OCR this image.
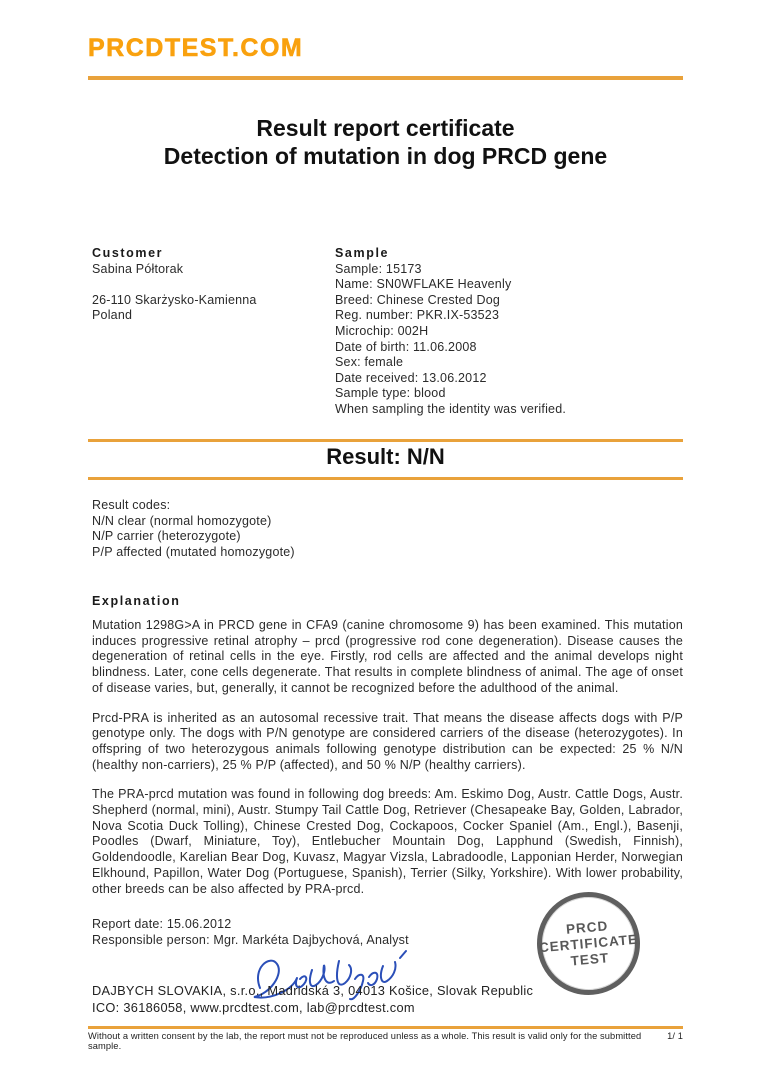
PRCDTEST.COM
Result report certificate
Detection of mutation in dog PRCD gene
Customer
Sabina Półtorak
26-110 Skarżysko-Kamienna
Poland
Sample
Sample: 15173
Name: SN0WFLAKE Heavenly
Breed: Chinese Crested Dog
Reg. number: PKR.IX-53523
Microchip: 002H
Date of birth: 11.06.2008
Sex: female
Date received: 13.06.2012
Sample type: blood
When sampling the identity was verified.
Result: N/N
Result codes:
N/N clear (normal homozygote)
N/P carrier (heterozygote)
P/P affected (mutated homozygote)
Explanation

Mutation 1298G>A in PRCD gene in CFA9 (canine chromosome 9) has been examined. This mutation induces progressive retinal atrophy – prcd (progressive rod cone degeneration). Disease causes the degeneration of retinal cells in the eye. Firstly, rod cells are affected and the animal develops night blindness. Later, cone cells degenerate. That results in complete blindness of animal. The age of onset of disease varies, but, generally, it cannot be recognized before the adulthood of the animal.

Prcd-PRA is inherited as an autosomal recessive trait. That means the disease affects dogs with P/P genotype only. The dogs with P/N genotype are considered carriers of the disease (heterozygotes). In offspring of two heterozygous animals following genotype distribution can be expected: 25 % N/N (healthy non-carriers), 25 % P/P (affected), and 50 % N/P (healthy carriers).

The PRA-prcd mutation was found in following dog breeds: Am. Eskimo Dog, Austr. Cattle Dogs, Austr. Shepherd (normal, mini), Austr. Stumpy Tail Cattle Dog, Retriever (Chesapeake Bay, Golden, Labrador, Nova Scotia Duck Tolling), Chinese Crested Dog, Cockapoos, Cocker Spaniel (Am., Engl.), Basenji, Poodles (Dwarf, Miniature, Toy), Entlebucher Mountain Dog, Lapphund (Swedish, Finnish), Goldendoodle, Karelian Bear Dog, Kuvasz, Magyar Vizsla, Labradoodle, Lapponian Herder, Norwegian Elkhound, Papillon, Water Dog (Portuguese, Spanish), Terrier (Silky, Yorkshire). With lower probability, other breeds can be also affected by PRA-prcd.

Report date: 15.06.2012
Responsible person: Mgr. Markéta Dajbychová, Analyst
DAJBYCH SLOVAKIA, s.r.o., Madridská 3, 04013 Košice, Slovak Republic
ICO: 36186058, www.prcdtest.com, lab@prcdtest.com
PRCD
CERTIFICATE
TEST
Without a written consent by the lab, the report must not be reproduced unless as a whole. This result is valid only for the submitted sample.
1/ 1
